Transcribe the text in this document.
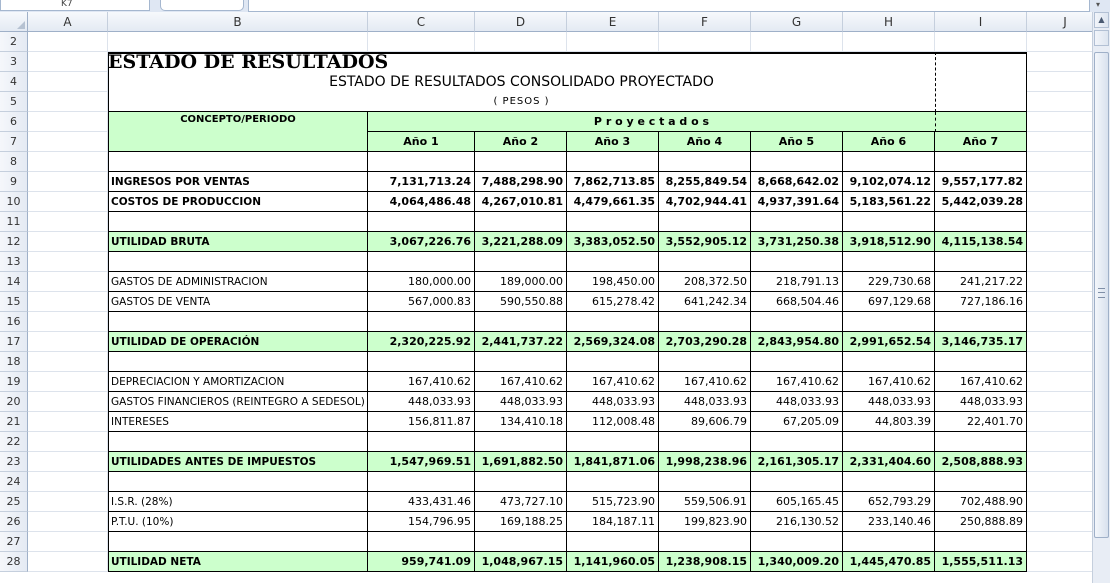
K7	▾
A	B	C	D	E	F	G	H	I	J
2
3
4
5
6
7
8
9
10
11
12
13
14
15
16
17
18
19
20
21
22
23
24
25
26
27
28
ESTADO DE RESULTADOS
ESTADO DE RESULTADOS CONSOLIDADO PROYECTADO
( PESOS )
CONCEPTO/PERIODO	P r o y e c t a d o s
Año 1	Año 2	Año 3	Año 4	Año 5	Año 6	Año 7
INGRESOS POR VENTAS	7,131,713.24 7,488,298.90 7,862,713.85 8,255,849.54 8,668,642.02 9,102,074.12 9,557,177.82
COSTOS DE PRODUCCION	4,064,486.48 4,267,010.81 4,479,661.35 4,702,944.41 4,937,391.64 5,183,561.22 5,442,039.28
UTILIDAD BRUTA	3,067,226.76 3,221,288.09 3,383,052.50 3,552,905.12 3,731,250.38 3,918,512.90 4,115,138.54
GASTOS DE ADMINISTRACION	180,000.00	189,000.00	198,450.00	208,372.50	218,791.13	229,730.68	241,217.22
GASTOS DE VENTA	567,000.83	590,550.88	615,278.42	641,242.34	668,504.46	697,129.68	727,186.16
UTILIDAD DE OPERACIÓN	2,320,225.92 2,441,737.22 2,569,324.08 2,703,290.28 2,843,954.80 2,991,652.54 3,146,735.17
DEPRECIACION Y AMORTIZACION	167,410.62	167,410.62	167,410.62	167,410.62	167,410.62	167,410.62	167,410.62
GASTOS FINANCIEROS (REINTEGRO A SEDESOL)	448,033.93	448,033.93	448,033.93	448,033.93	448,033.93	448,033.93	448,033.93
INTERESES	156,811.87	134,410.18	112,008.48	89,606.79	67,205.09	44,803.39	22,401.70
UTILIDADES ANTES DE IMPUESTOS	1,547,969.51 1,691,882.50 1,841,871.06 1,998,238.96 2,161,305.17 2,331,404.60 2,508,888.93
I.S.R. (28%)	433,431.46	473,727.10	515,723.90	559,506.91	605,165.45	652,793.29	702,488.90
P.T.U. (10%)	154,796.95	169,188.25	184,187.11	199,823.90	216,130.52	233,140.46	250,888.89
UTILIDAD NETA	959,741.09 1,048,967.15 1,141,960.05 1,238,908.15 1,340,009.20 1,445,470.85 1,555,511.13
▲
